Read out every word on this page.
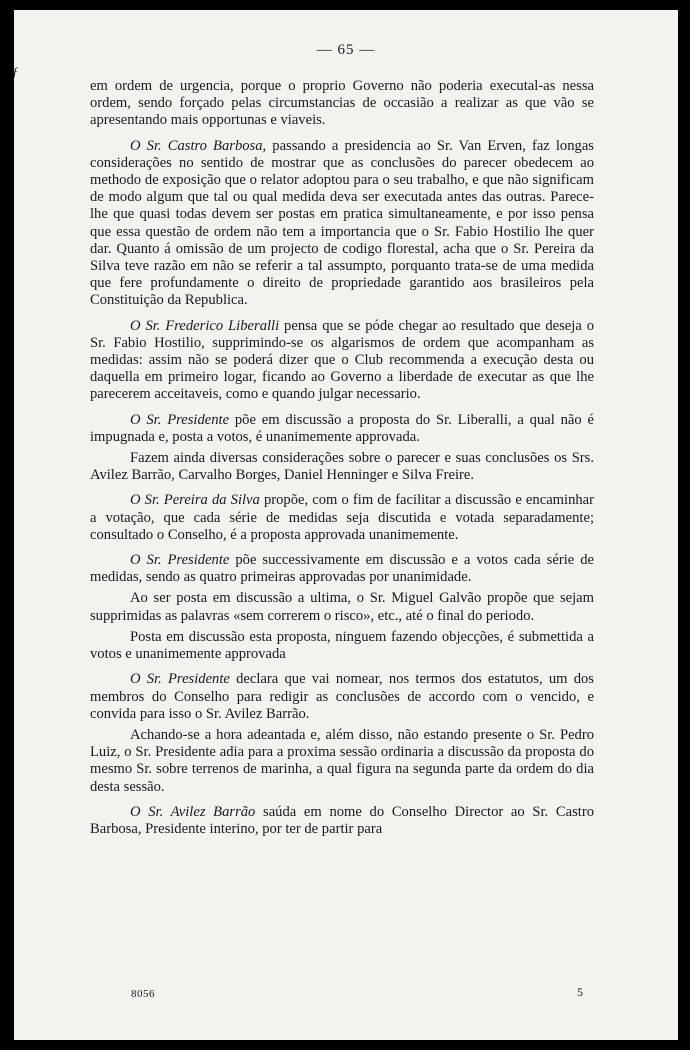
— 65 —
ƒ

em ordem de urgencia, porque o proprio Governo não poderia executal-as nessa ordem, sendo forçado pelas circumstancias de occasião a realizar as que vão se apresentando mais opportunas e viaveis.

O Sr. Castro Barbosa, passando a presidencia ao Sr. Van Erven, faz longas considerações no sentido de mostrar que as conclusões do parecer obedecem ao methodo de exposição que o relator adoptou para o seu trabalho, e que não significam de modo algum que tal ou qual medida deva ser executada antes das outras. Parece-lhe que quasi todas devem ser postas em pratica simultaneamente, e por isso pensa que essa questão de ordem não tem a importancia que o Sr. Fabio Hostilio lhe quer dar. Quanto á omissão de um projecto de codigo florestal, acha que o Sr. Pereira da Silva teve razão em não se referir a tal assumpto, porquanto trata-se de uma medida que fere profundamente o direito de propriedade garantido aos brasileiros pela Constituição da Republica.

O Sr. Frederico Liberalli pensa que se póde chegar ao resultado que deseja o Sr. Fabio Hostilio, supprimindo-se os algarismos de ordem que acompanham as medidas: assim não se poderá dizer que o Club recommenda a execução desta ou daquella em primeiro logar, ficando ao Governo a liberdade de executar as que lhe parecerem acceitaveis, como e quando julgar necessario.

O Sr. Presidente põe em discussão a proposta do Sr. Liberalli, a qual não é impugnada e, posta a votos, é unanimemente approvada.

Fazem ainda diversas considerações sobre o parecer e suas conclusões os Srs. Avilez Barrão, Carvalho Borges, Daniel Henninger e Silva Freire.

O Sr. Pereira da Silva propõe, com o fim de facilitar a discussão e encaminhar a votação, que cada série de medidas seja discutida e votada separadamente; consultado o Conselho, é a proposta approvada unanimemente.

O Sr. Presidente põe successivamente em discussão e a votos cada série de medidas, sendo as quatro primeiras approvadas por unanimidade.

Ao ser posta em discussão a ultima, o Sr. Miguel Galvão propõe que sejam supprimidas as palavras «sem correrem o risco», etc., até o final do periodo.

Posta em discussão esta proposta, ninguem fazendo objecções, é submettida a votos e unanimemente approvada

O Sr. Presidente declara que vai nomear, nos termos dos estatutos, um dos membros do Conselho para redigir as conclusões de accordo com o vencido, e convida para isso o Sr. Avilez Barrão.

Achando-se a hora adeantada e, além disso, não estando presente o Sr. Pedro Luiz, o Sr. Presidente adia para a proxima sessão ordinaria a discussão da proposta do mesmo Sr. sobre terrenos de marinha, a qual figura na segunda parte da ordem do dia desta sessão.

O Sr. Avilez Barrão saúda em nome do Conselho Director ao Sr. Castro Barbosa, Presidente interino, por ter de partir para

8056	5
